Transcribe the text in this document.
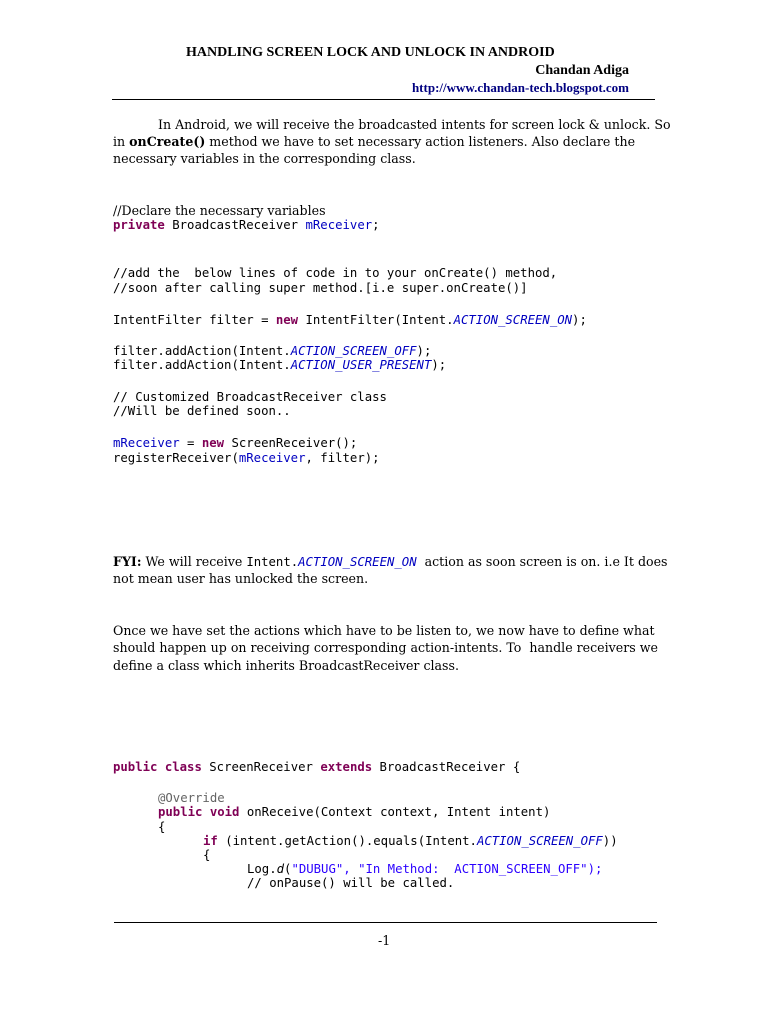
HANDLING SCREEN LOCK AND UNLOCK IN ANDROID
Chandan Adiga
http://www.chandan-tech.blogspot.com
In Android, we will receive the broadcasted intents for screen lock & unlock. So
in onCreate() method we have to set necessary action listeners. Also declare the
necessary variables in the corresponding class.
//Declare the necessary variables
private BroadcastReceiver mReceiver;
//add the  below lines of code in to your onCreate() method,
//soon after calling super method.[i.e super.onCreate()]
IntentFilter filter = new IntentFilter(Intent.ACTION_SCREEN_ON);
filter.addAction(Intent.ACTION_SCREEN_OFF);
filter.addAction(Intent.ACTION_USER_PRESENT);
// Customized BroadcastReceiver class
//Will be defined soon..
mReceiver = new ScreenReceiver();
registerReceiver(mReceiver, filter);
FYI: We will receive Intent.ACTION_SCREEN_ON  action as soon screen is on. i.e It does
not mean user has unlocked the screen.
Once we have set the actions which have to be listen to, we now have to define what
should happen up on receiving corresponding action-intents. To  handle receivers we
define a class which inherits BroadcastReceiver class.
public class ScreenReceiver extends BroadcastReceiver {
@Override
public void onReceive(Context context, Intent intent)
{
if (intent.getAction().equals(Intent.ACTION_SCREEN_OFF))
{
Log.d("DUBUG", "In Method:  ACTION_SCREEN_OFF");
// onPause() will be called.
-1
